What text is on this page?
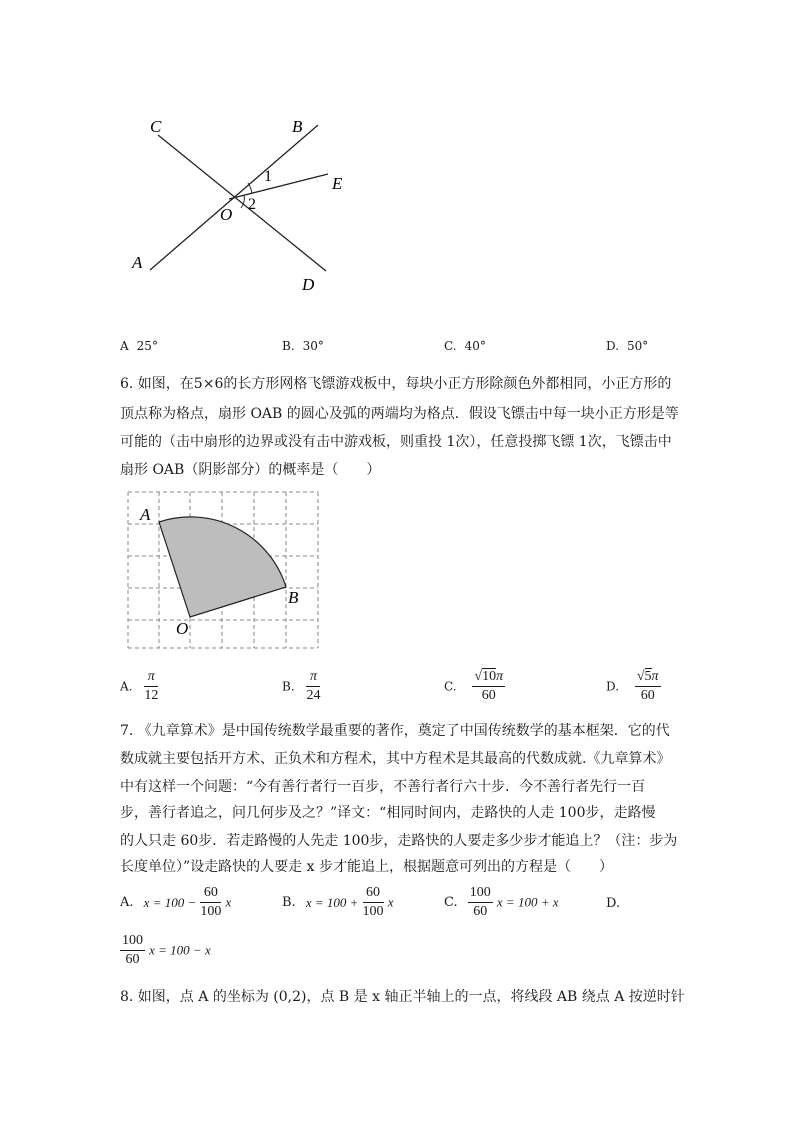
C	B
E
O
A
D
1
2
A 25°	B. 30°	C. 40°	D. 50°
6. 如图，在5×6的长方形网格飞镖游戏板中，每块小正方形除颜色外都相同，小正方形的
顶点称为格点，扇形 OAB 的圆心及弧的两端均为格点．假设飞镖击中每一块小正方形是等
可能的（击中扇形的边界或没有击中游戏板，则重投 1次），任意投掷飞镖 1次，飞镖击中
扇形 OAB（阴影部分）的概率是（　　）
A
B
O
A. $\frac{\pi}{12}$	B. $\frac{\pi}{24}$	C. $\frac{√10\pi}{60}$	D. $\frac{√5\pi}{60}$
7. 《九章算术》是中国传统数学最重要的著作，奠定了中国传统数学的基本框架．它的代
数成就主要包括开方术、正负术和方程术，其中方程术是其最高的代数成就.《九章算术》
中有这样一个问题：“今有善行者行一百步，不善行者行六十步．今不善行者先行一百
步，善行者追之，问几何步及之？”译文：“相同时间内，走路快的人走 100步，走路慢
的人只走 60步．若走路慢的人先走 100步，走路快的人要走多少步才能追上？（注：步为
长度单位）”设走路快的人要走 x 步才能追上，根据题意可列出的方程是（　　）
A. $x = 100 - \frac{60}{100}$ x	B. $x = 100 + \frac{60}{100}$ x	C. $\frac{100}{60}$ x = 100 + x	D.
$\frac{100}{60}$ x = 100 − x
8. 如图，点 A 的坐标为 (0,2)，点 B 是 x 轴正半轴上的一点，将线段 AB 绕点 A 按逆时针
